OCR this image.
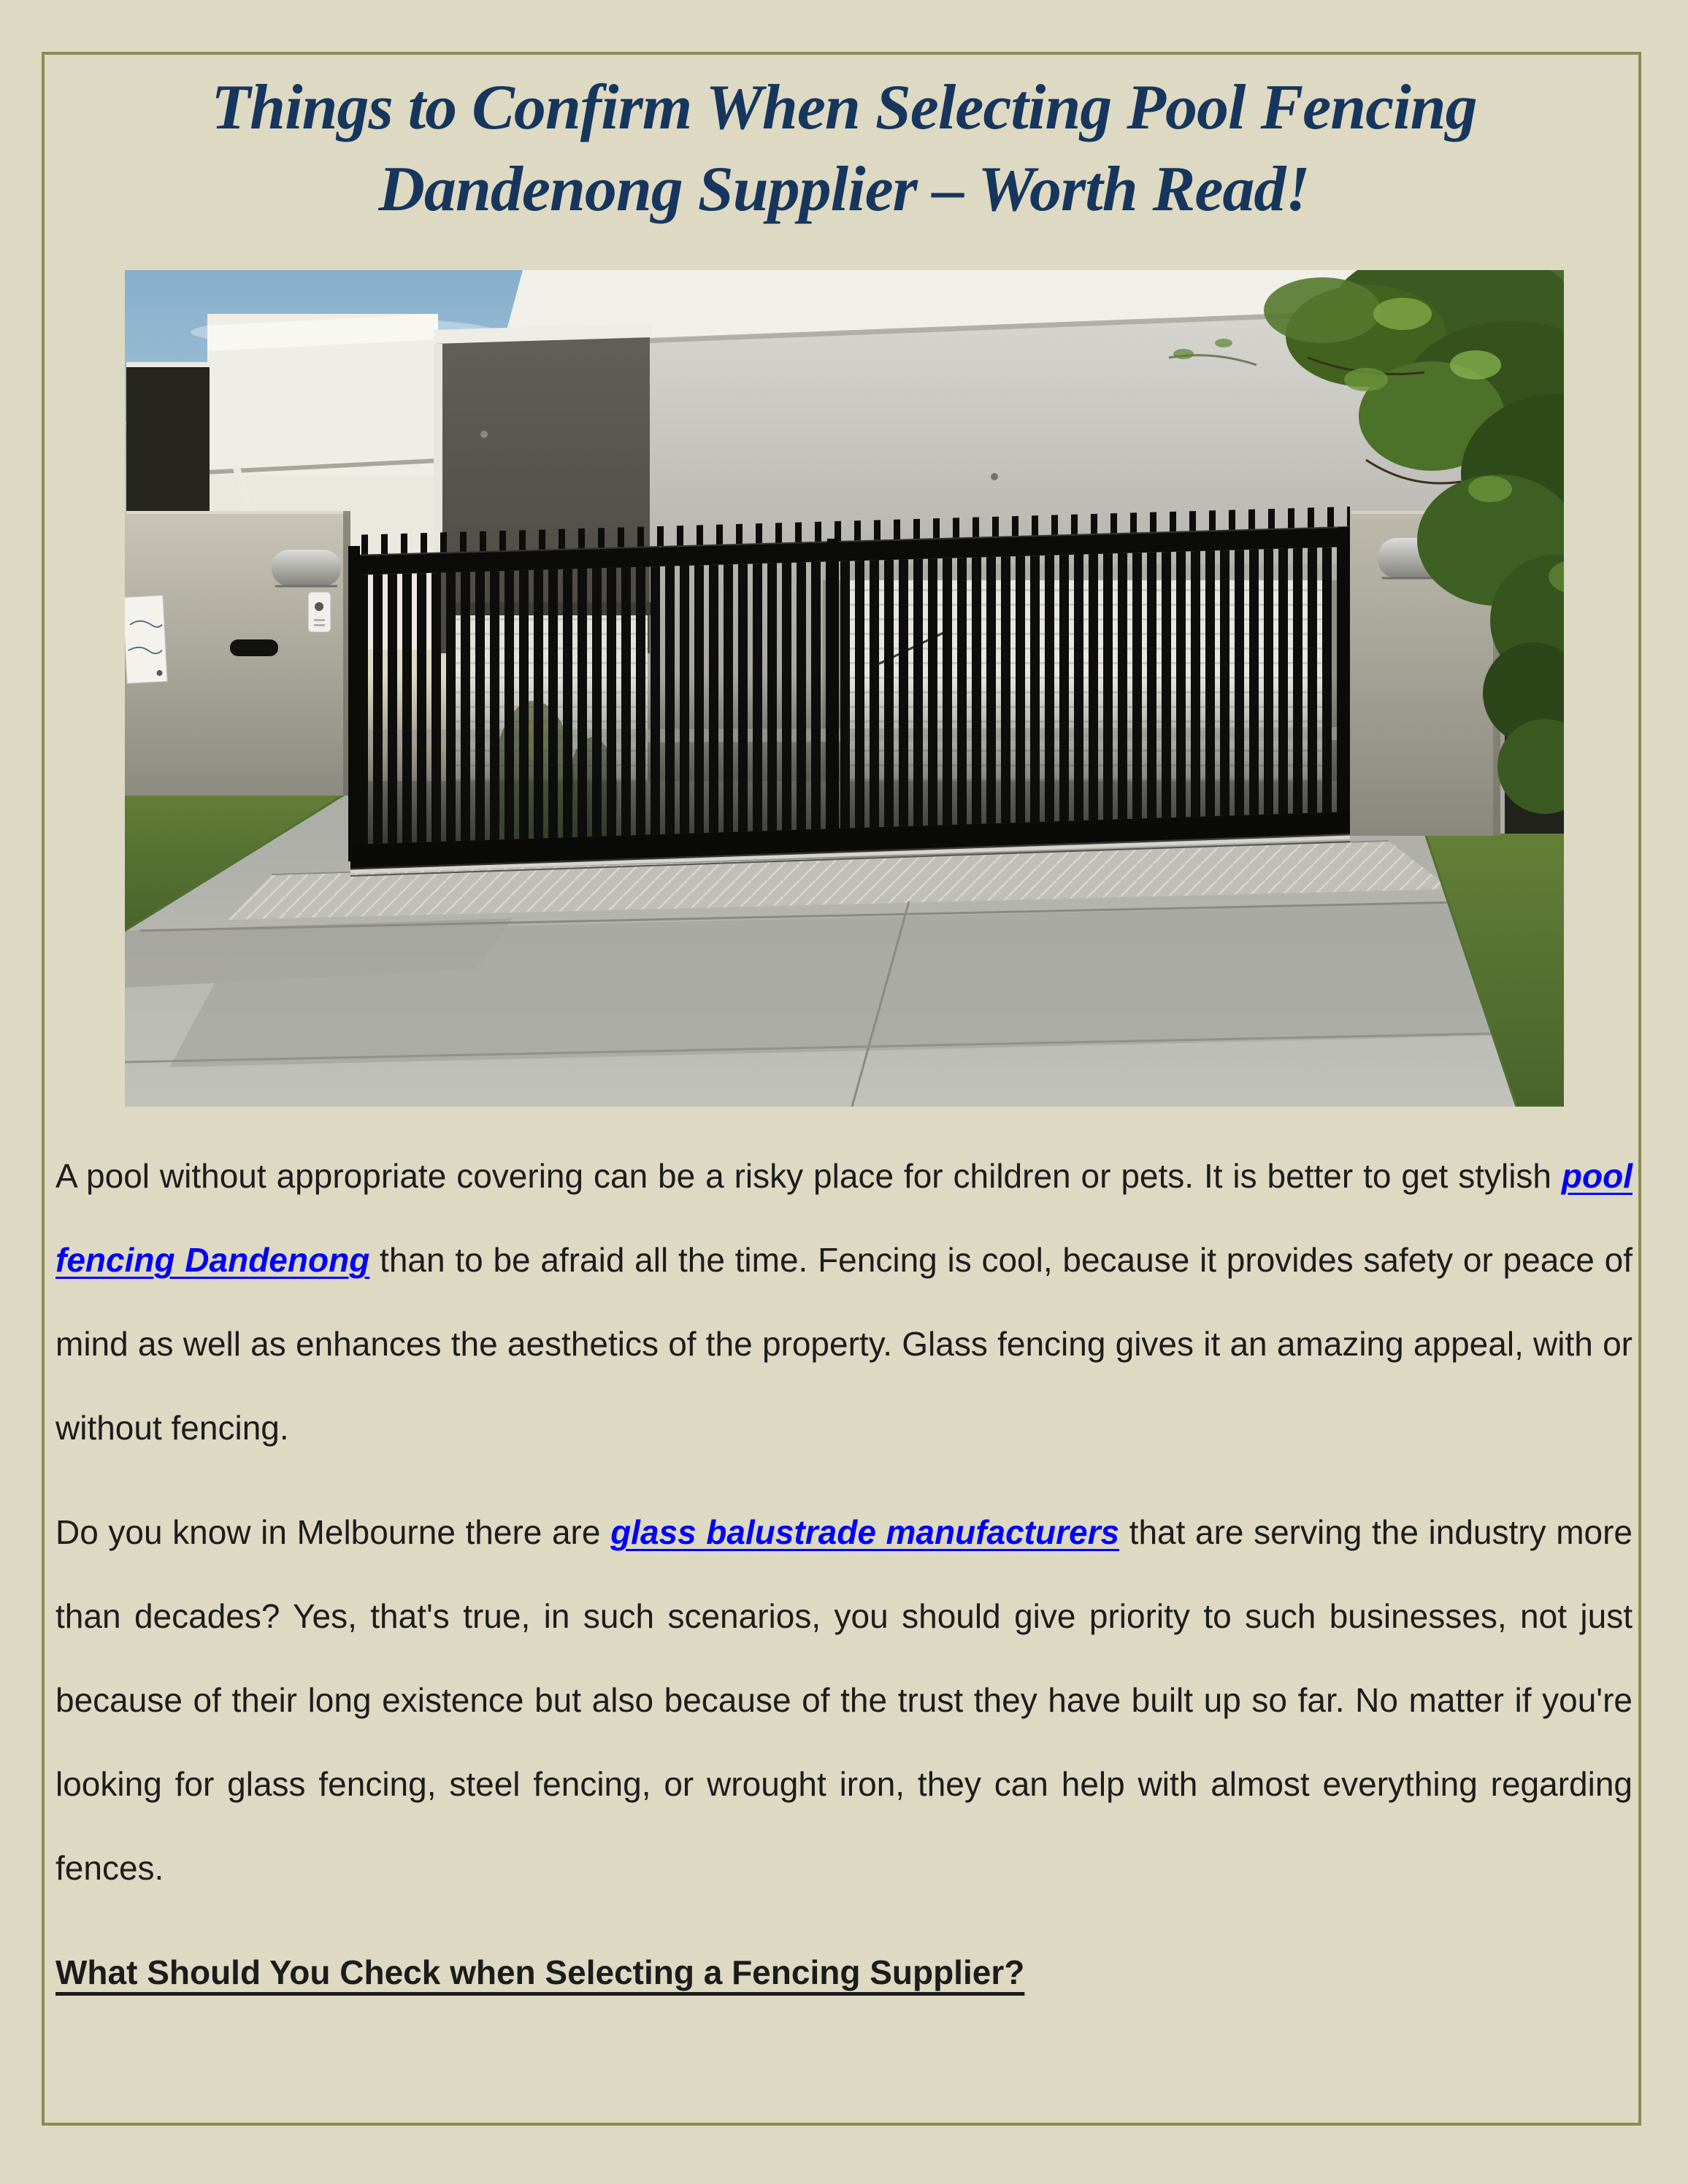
Things to Confirm When Selecting Pool Fencing
Dandenong Supplier – Worth Read!

A pool without appropriate covering can be a risky place for children or pets. It is better to get stylish pool fencing Dandenong than to be afraid all the time. Fencing is cool, because it provides safety or peace of mind as well as enhances the aesthetics of the property. Glass fencing gives it an amazing appeal, with or without fencing.

Do you know in Melbourne there are glass balustrade manufacturers that are serving the industry more than decades? Yes, that's true, in such scenarios, you should give priority to such businesses, not just because of their long existence but also because of the trust they have built up so far. No matter if you're looking for glass fencing, steel fencing, or wrought iron, they can help with almost everything regarding fences.

What Should You Check when Selecting a Fencing Supplier?
